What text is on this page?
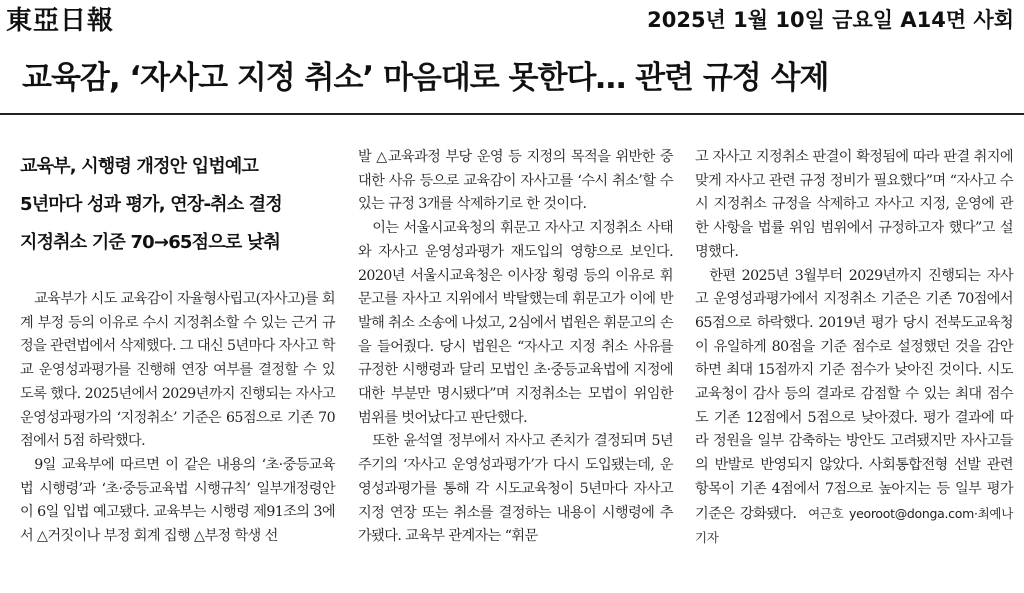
東亞日報	2025년 1월 10일 금요일 A14면 사회
교육감, ‘자사고 지정 취소’ 마음대로 못한다… 관련 규정 삭제
교육부, 시행령 개정안 입법예고
5년마다 성과 평가, 연장-취소 결정
지정취소 기준 70→65점으로 낮춰

교육부가 시도 교육감이 자율형사립고(자사고)를 회계 부정 등의 이유로 수시 지정취소할 수 있는 근거 규정을 관련법에서 삭제했다. 그 대신 5년마다 자사고 학교 운영성과평가를 진행해 연장 여부를 결정할 수 있도록 했다. 2025년에서 2029년까지 진행되는 자사고 운영성과평가의 ‘지정취소’ 기준은 65점으로 기존 70점에서 5점 하락했다.

9일 교육부에 따르면 이 같은 내용의 ‘초·중등교육법 시행령’과 ‘초·중등교육법 시행규칙’ 일부개정령안이 6일 입법 예고됐다. 교육부는 시행령 제91조의 3에서 △거짓이나 부정 회계 집행 △부정 학생 선

발 △교육과정 부당 운영 등 지정의 목적을 위반한 중대한 사유 등으로 교육감이 자사고를 ‘수시 취소’할 수 있는 규정 3개를 삭제하기로 한 것이다.

이는 서울시교육청의 휘문고 자사고 지정취소 사태와 자사고 운영성과평가 재도입의 영향으로 보인다. 2020년 서울시교육청은 이사장 횡령 등의 이유로 휘문고를 자사고 지위에서 박탈했는데 휘문고가 이에 반발해 취소 소송에 나섰고, 2심에서 법원은 휘문고의 손을 들어줬다. 당시 법원은 “자사고 지정 취소 사유를 규정한 시행령과 달리 모법인 초·중등교육법에 지정에 대한 부분만 명시됐다”며 지정취소는 모법이 위임한 범위를 벗어났다고 판단했다.

또한 윤석열 정부에서 자사고 존치가 결정되며 5년 주기의 ‘자사고 운영성과평가’가 다시 도입됐는데, 운영성과평가를 통해 각 시도교육청이 5년마다 자사고 지정 연장 또는 취소를 결정하는 내용이 시행령에 추가됐다. 교육부 관계자는 “휘문

고 자사고 지정취소 판결이 확정됨에 따라 판결 취지에 맞게 자사고 관련 규정 정비가 필요했다”며 “자사고 수시 지정취소 규정을 삭제하고 자사고 지정, 운영에 관한 사항을 법률 위임 범위에서 규정하고자 했다”고 설명했다.

한편 2025년 3월부터 2029년까지 진행되는 자사고 운영성과평가에서 지정취소 기준은 기존 70점에서 65점으로 하락했다. 2019년 평가 당시 전북도교육청이 유일하게 80점을 기준 점수로 설정했던 것을 감안하면 최대 15점까지 기준 점수가 낮아진 것이다. 시도교육청이 감사 등의 결과로 감점할 수 있는 최대 점수도 기존 12점에서 5점으로 낮아졌다. 평가 결과에 따라 정원을 일부 감축하는 방안도 고려됐지만 자사고들의 반발로 반영되지 않았다. 사회통합전형 선발 관련 항목이 기존 4점에서 7점으로 높아지는 등 일부 평가 기준은 강화됐다. 여근호 yeoroot@donga.com·최예나 기자
